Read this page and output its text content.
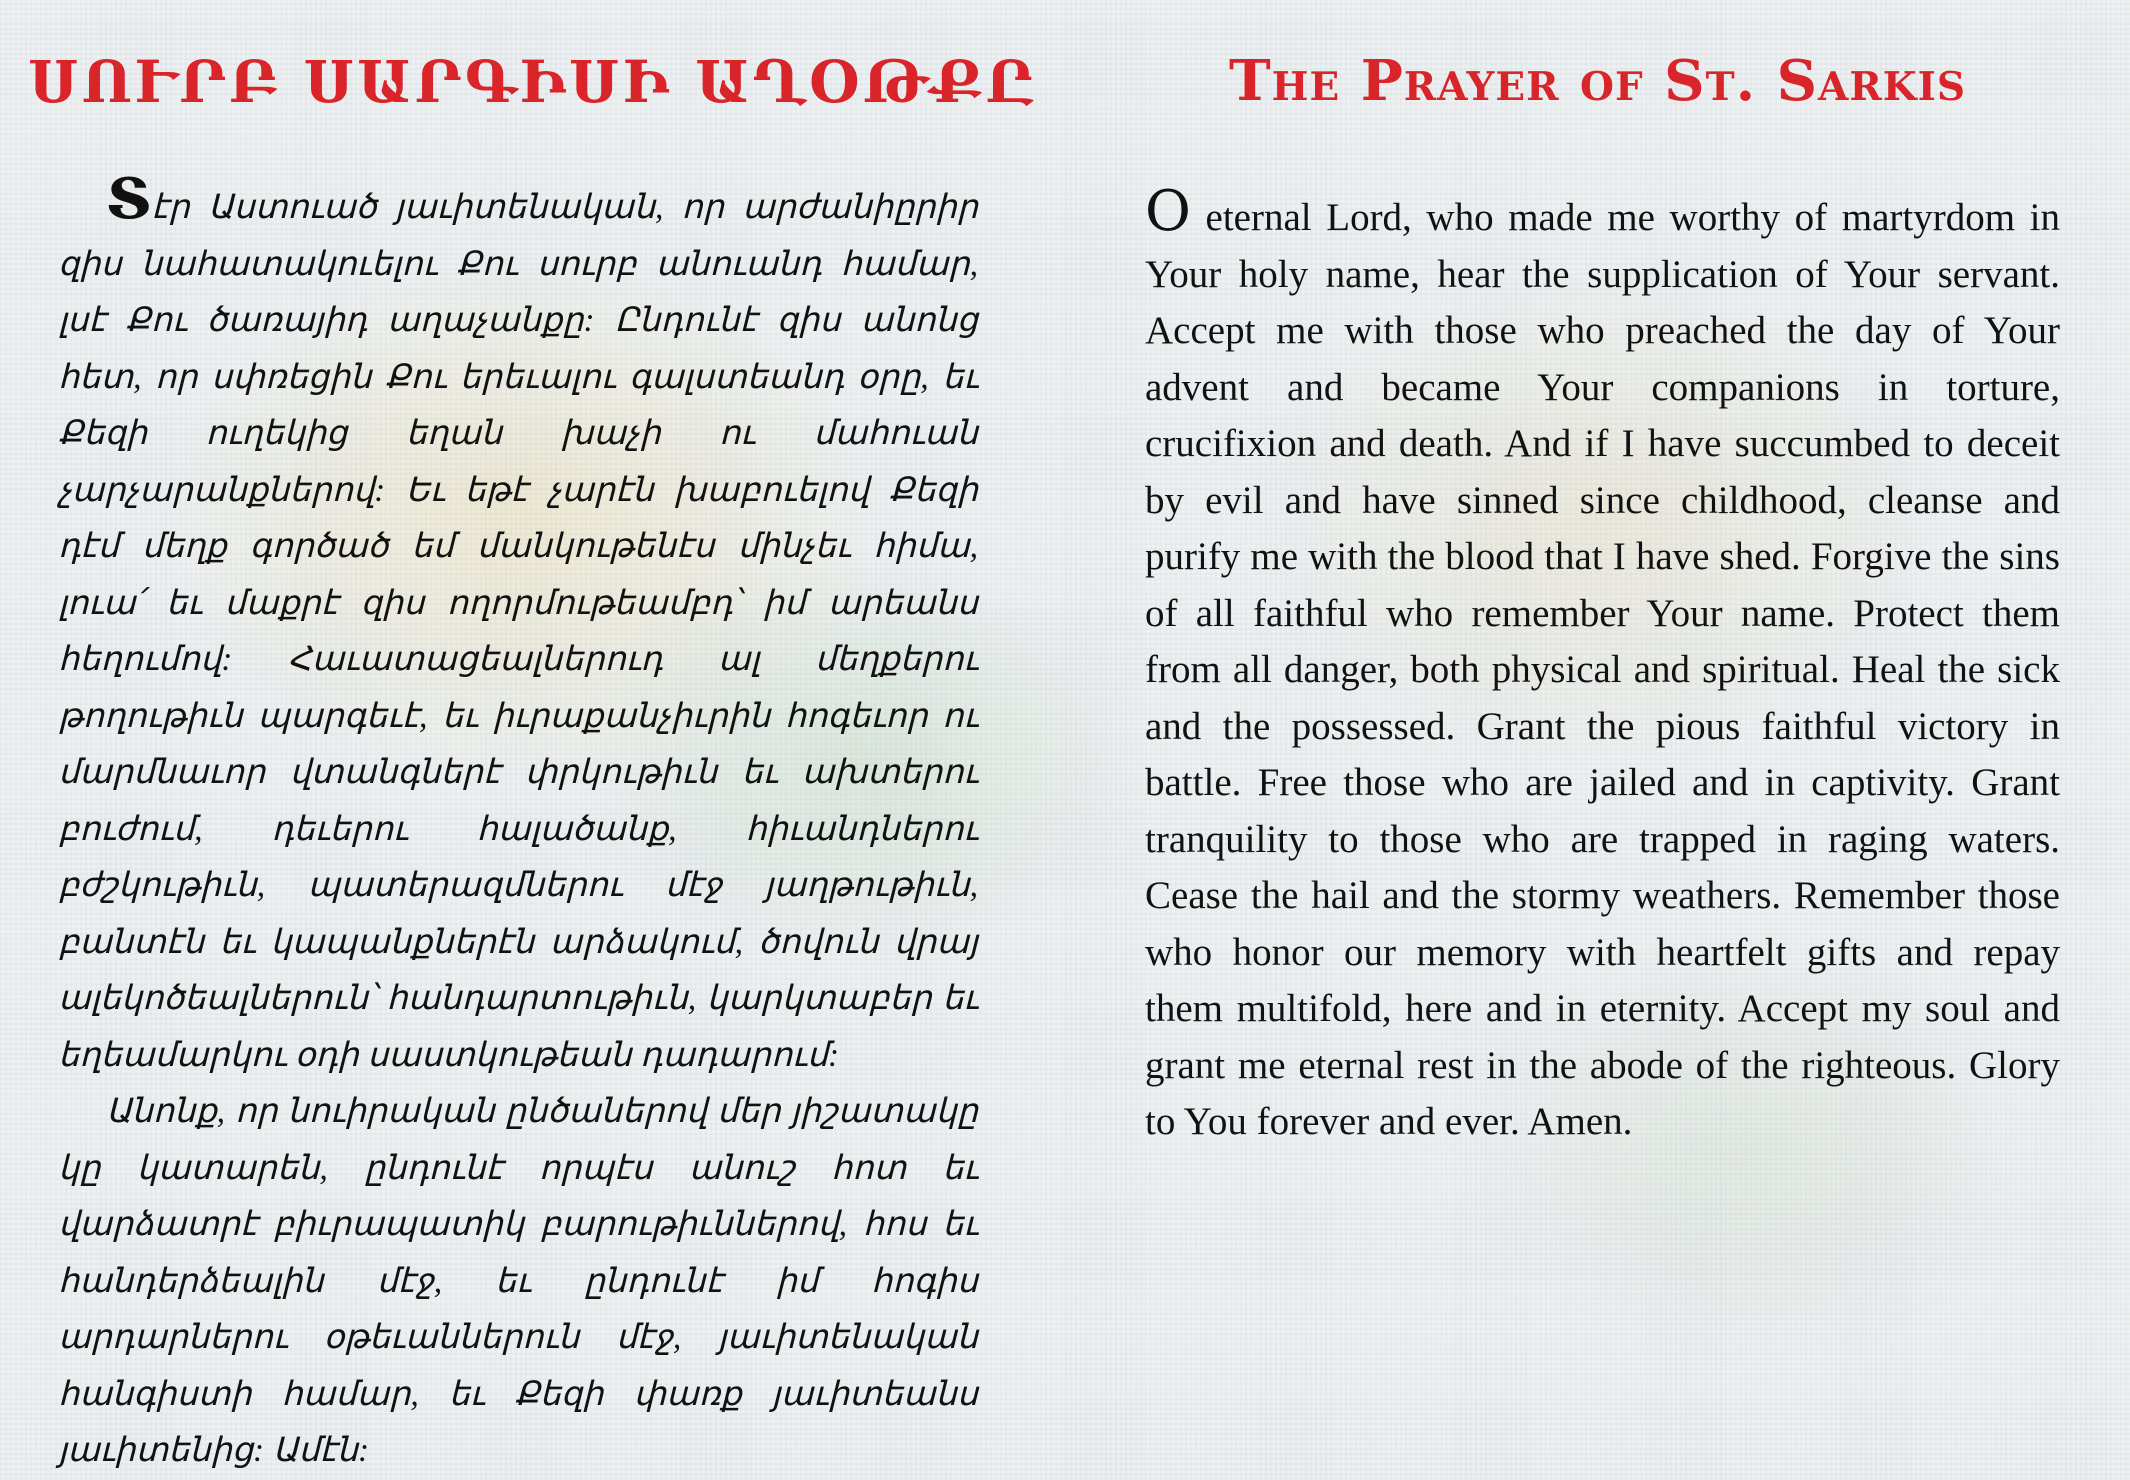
ՍՈՒՐԲ ՍԱՐԳԻՍԻ ԱՂՕԹՔԸ

Տէր Աստուած յաւիտենական, որ արժանիըրիր զիս նահատակուելու Քու սուրբ անուանդ համար, լսէ Քու ծառայիդ աղաչանքը: Ընդունէ զիս անոնց հետ, որ սփռեցին Քու երեւալու գալստեանդ օրը, եւ Քեզի ուղեկից եղան խաչի ու մահուան չարչարանքներով: Եւ եթէ չարէն խաբուելով Քեզի դէմ մեղք գործած եմ մանկութենէս մինչեւ հիմա, լուա՛ եւ մաքրէ զիս ողորմութեամբդ՝ իմ արեանս հեղումով: Հաւատացեալներուդ ալ մեղքերու թողութիւն պարգեւէ, եւ իւրաքանչիւրին հոգեւոր ու մարմնաւոր վտանգներէ փրկութիւն եւ ախտերու բուժում, դեւերու հալածանք, հիւանդներու բժշկութիւն, պատերազմներու մէջ յաղթութիւն, բանտէն եւ կապանքներէն արձակում, ծովուն վրայ ալեկոծեալներուն՝ հանդարտութիւն, կարկտաբեր եւ եղեամարկու օդի սաստկութեան դադարում:

Անոնք, որ նուիրական ընծաներով մեր յիշատակը կը կատարեն, ընդունէ որպէս անուշ հոտ եւ վարձատրէ բիւրապատիկ բարութիւններով, հոս եւ հանդերձեալին մէջ, եւ ընդունէ իմ հոգիս արդարներու օթեւաններուն մէջ, յաւիտենական հանգիստի համար, եւ Քեզի փառք յաւիտեանս յաւիտենից: Ամէն:

The Prayer of St. Sarkis

O eternal Lord, who made me worthy of martyrdom in Your holy name, hear the supplication of Your servant. Accept me with those who preached the day of Your advent and became Your companions in torture, crucifixion and death. And if I have succumbed to deceit by evil and have sinned since childhood, cleanse and purify me with the blood that I have shed. Forgive the sins of all faithful who remember Your name. Protect them from all danger, both physical and spiritual. Heal the sick and the possessed. Grant the pious faithful victory in battle. Free those who are jailed and in captivity. Grant tranquility to those who are trapped in raging waters. Cease the hail and the stormy weathers. Remember those who honor our memory with heartfelt gifts and repay them multifold, here and in eternity. Accept my soul and grant me eternal rest in the abode of the righteous. Glory to You forever and ever. Amen.
